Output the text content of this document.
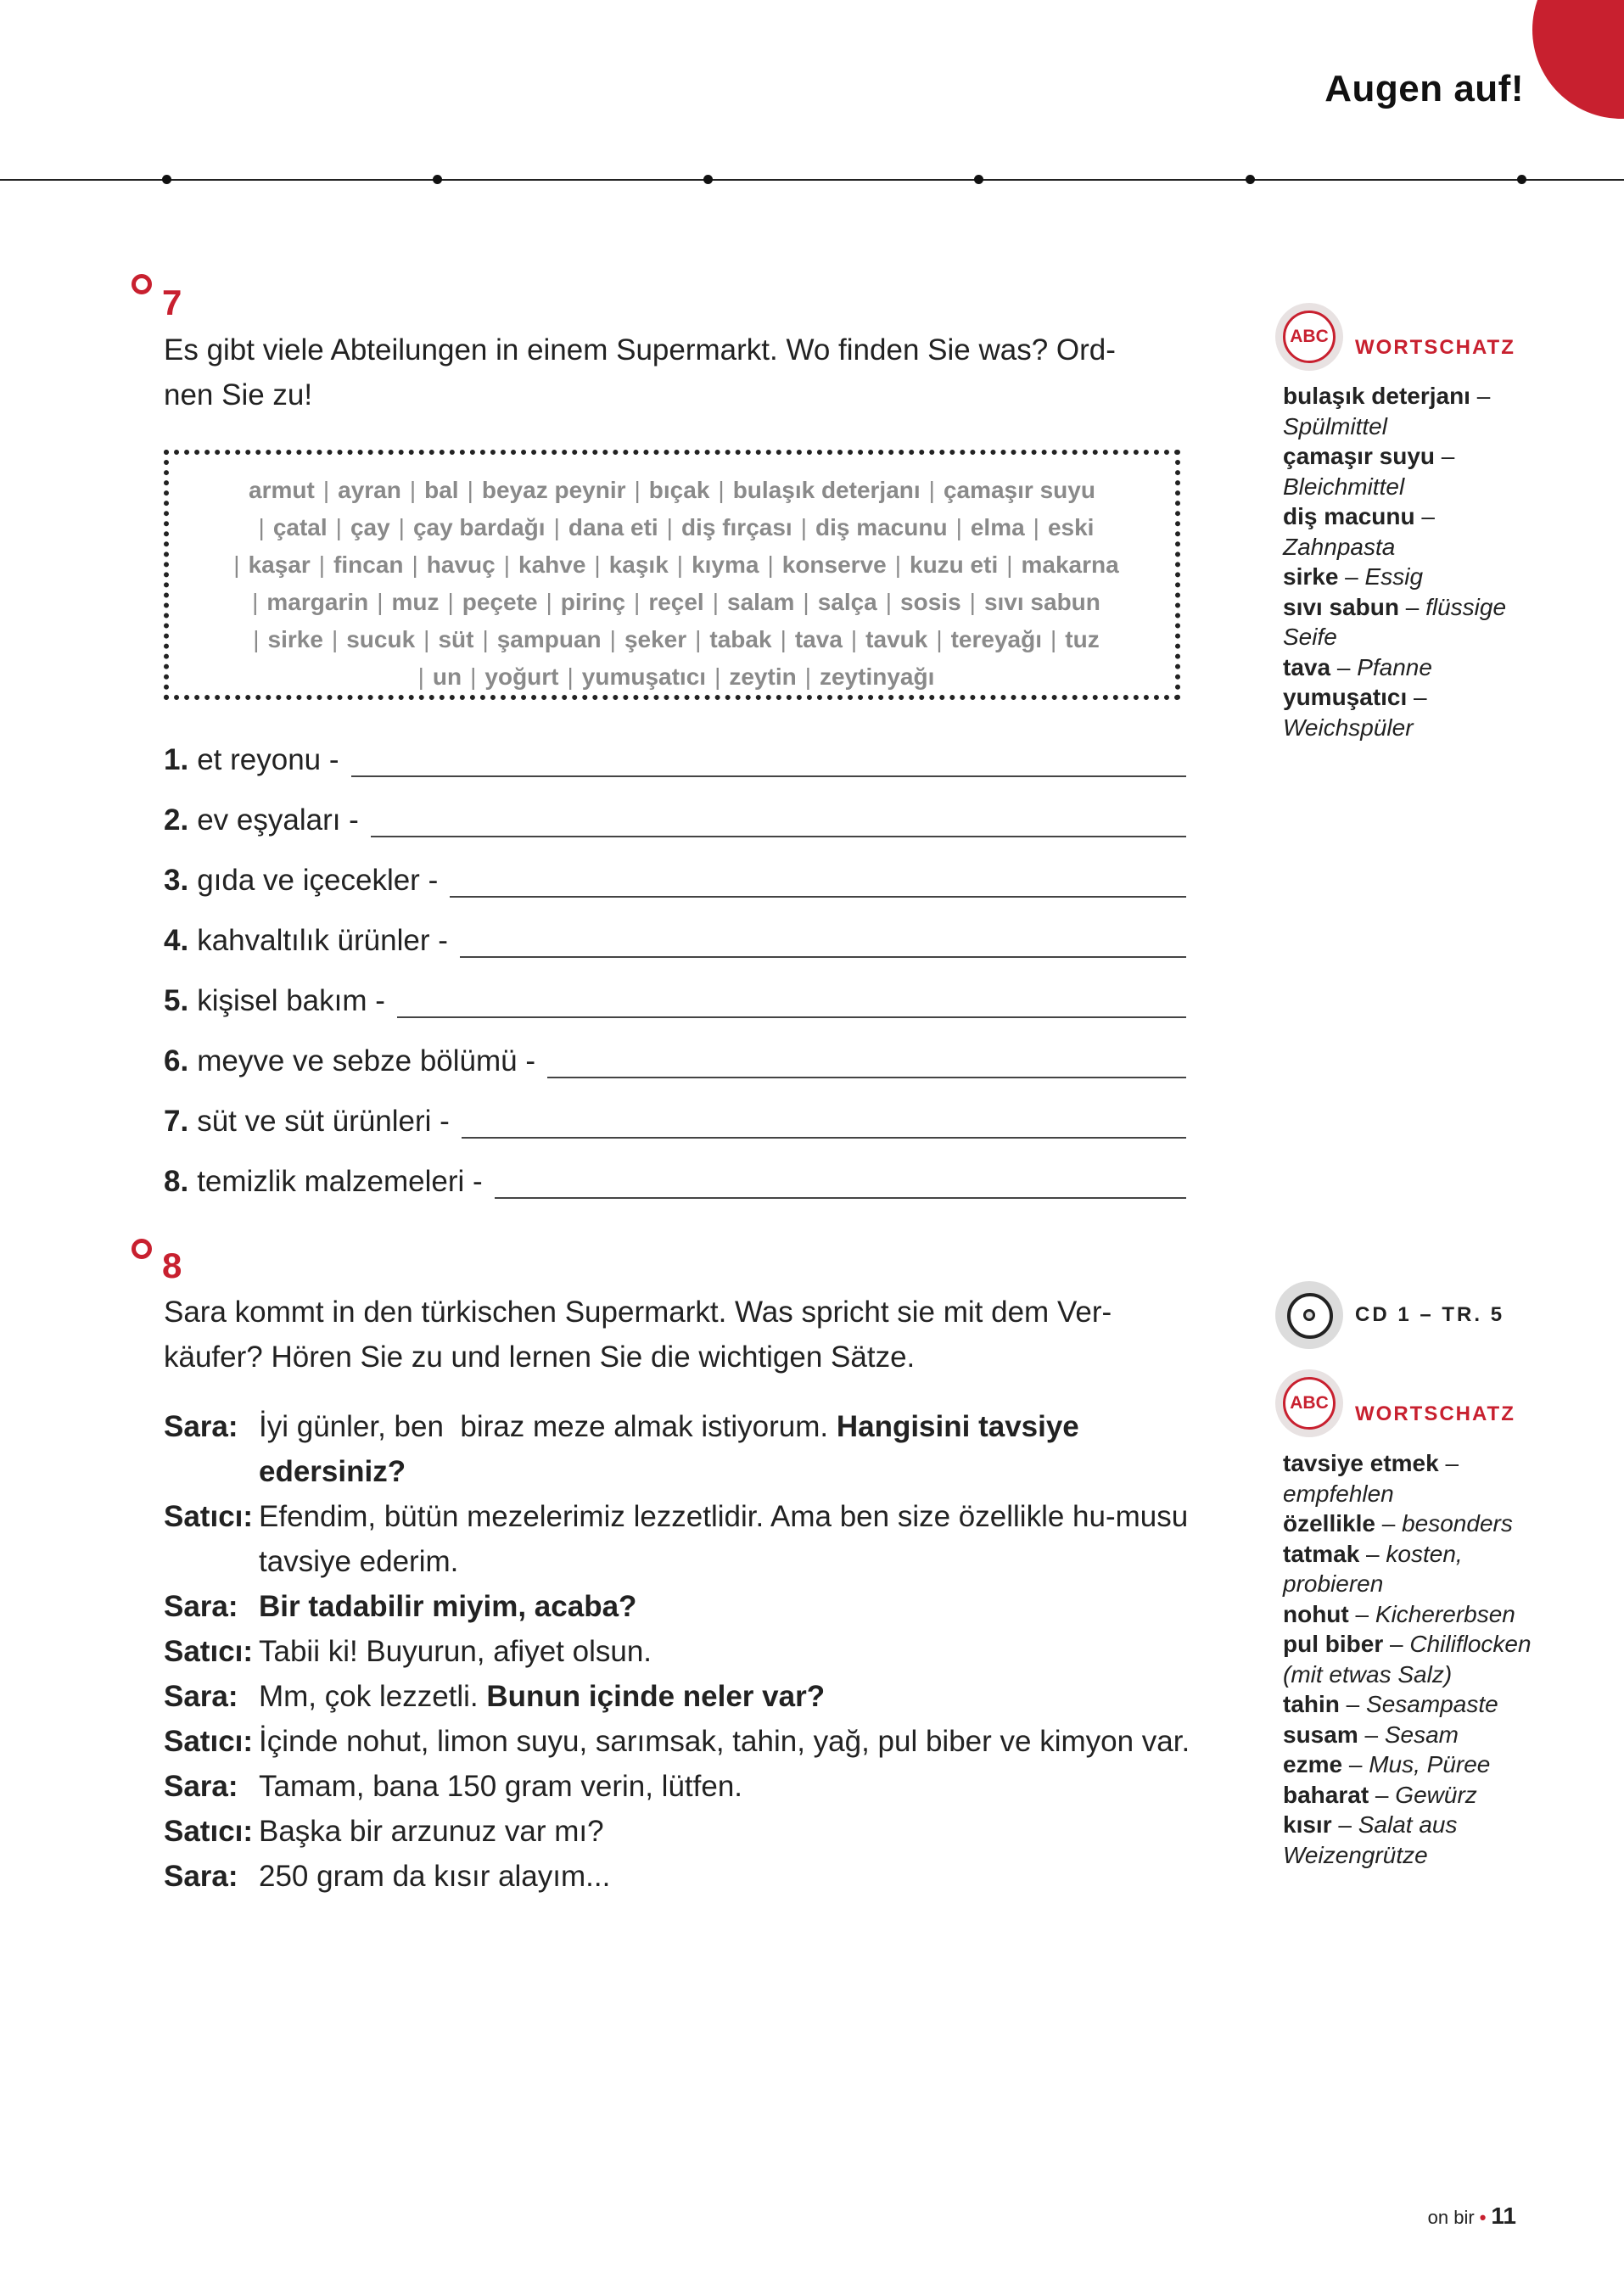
Augen auf!
7
Es gibt viele Abteilungen in einem Supermarkt. Wo finden Sie was? Ord-
nen Sie zu!
armut | ayran | bal | beyaz peynir | bıçak | bulaşık deterjanı | çamaşır suyu
| çatal | çay | çay bardağı | dana eti | diş fırçası | diş macunu | elma | eski
| kaşar | fincan | havuç | kahve | kaşık | kıyma | konserve | kuzu eti | makarna
| margarin | muz | peçete | pirinç | reçel | salam | salça | sosis | sıvı sabun
| sirke | sucuk | süt | şampuan | şeker | tabak | tava | tavuk | tereyağı | tuz
| un | yoğurt | yumuşatıcı | zeytin | zeytinyağı
1. et reyonu -
2. ev eşyaları -
3. gıda ve içecekler -
4. kahvaltılık ürünler -
5. kişisel bakım -
6. meyve ve sebze bölümü -
7. süt ve süt ürünleri -
8. temizlik malzemeleri -
ABC	WORTSCHATZ
bulaşık deterjanı –
Spülmittel
çamaşır suyu –
Bleichmittel
diş macunu –
Zahnpasta
sirke – Essig
sıvı sabun – flüssige
Seife
tava – Pfanne
yumuşatıcı –
Weichspüler
8
Sara kommt in den türkischen Supermarkt. Was spricht sie mit dem Ver-
käufer? Hören Sie zu und lernen Sie die wichtigen Sätze.
Sara: İyi günler, ben  biraz meze almak istiyorum. Hangisini tavsiye edersiniz?
Satıcı: Efendim, bütün mezelerimiz lezzetlidir. Ama ben size özellikle hu-musu tavsiye ederim.
Sara: Bir tadabilir miyim, acaba?
Satıcı: Tabii ki! Buyurun, afiyet olsun.
Sara: Mm, çok lezzetli. Bunun içinde neler var?
Satıcı: İçinde nohut, limon suyu, sarımsak, tahin, yağ, pul biber ve kimyon var.
Sara: Tamam, bana 150 gram verin, lütfen.
Satıcı: Başka bir arzunuz var mı?
Sara: 250 gram da kısır alayım...
CD 1 – TR. 5
ABC	WORTSCHATZ
tavsiye etmek –
empfehlen
özellikle – besonders
tatmak – kosten,
probieren
nohut – Kichererbsen
pul biber – Chiliflocken
(mit etwas Salz)
tahin – Sesampaste
susam – Sesam
ezme – Mus, Püree
baharat – Gewürz
kısır – Salat aus
Weizengrütze
on bir • 11
